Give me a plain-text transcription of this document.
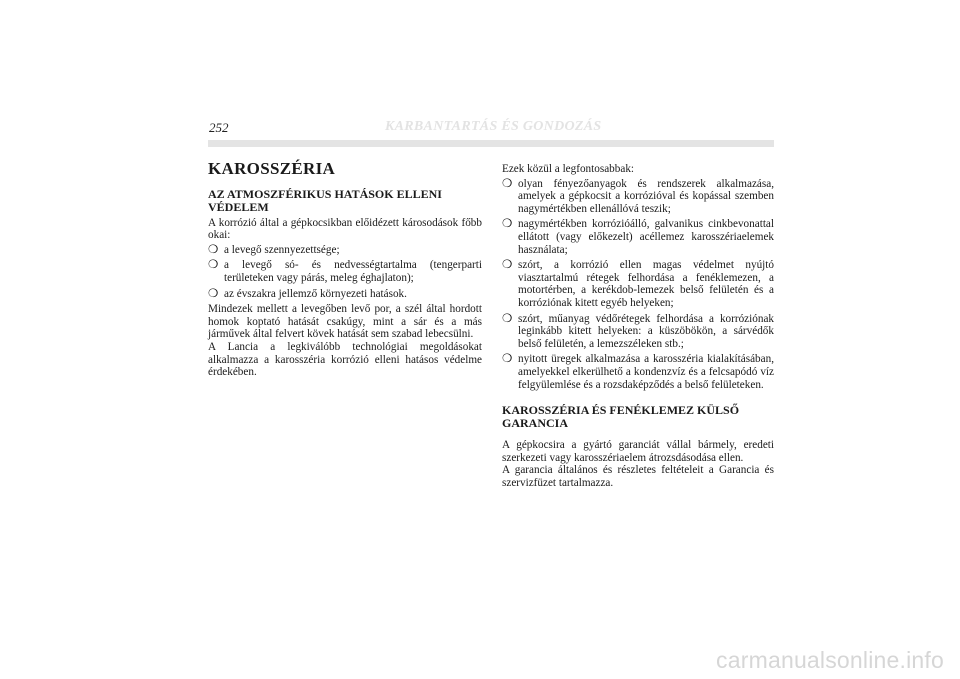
252	KARBANTARTÁS ÉS GONDOZÁS
KAROSSZÉRIA
AZ ATMOSZFÉRIKUS HATÁSOK ELLENI VÉDELEM

A korrózió által a gépkocsikban előidézett károsodások főbb okai:

❍ a levegő szennyezettsége;
❍ a levegő só- és nedvességtartalma (tengerparti területeken vagy párás, meleg éghajlaton);
❍ az évszakra jellemző környezeti hatások.

Mindezek mellett a levegőben levő por, a szél által hordott homok koptató hatását csakúgy, mint a sár és a más járművek által felvert kövek hatását sem szabad lebecsülni.

A Lancia a legkiválóbb technológiai megoldásokat alkalmazza a karosszéria korrózió elleni hatásos védelme érdekében.

Ezek közül a legfontosabbak:

❍ olyan fényezőanyagok és rendszerek alkalmazása, amelyek a gépkocsit a korrózióval és kopással szemben nagymértékben ellenállóvá teszik;
❍ nagymértékben korrózióálló, galvanikus cinkbevonattal ellátott (vagy előkezelt) acéllemez karosszériaelemek használata;
❍ szórt, a korrózió ellen magas védelmet nyújtó viasztartalmú rétegek felhordása a fenéklemezen, a motortérben, a kerékdob-lemezek belső felületén és a korróziónak kitett egyéb helyeken;
❍ szórt, műanyag védőrétegek felhordása a korróziónak leginkább kitett helyeken: a küszöbökön, a sárvédők belső felületén, a lemezszéleken stb.;
❍ nyitott üregek alkalmazása a karosszéria kialakításában, amelyekkel elkerülhető a kondenzvíz és a felcsapódó víz felgyülemlése és a rozsdaképződés a belső felületeken.
KAROSSZÉRIA ÉS FENÉKLEMEZ KÜLSŐ GARANCIA

A gépkocsira a gyártó garanciát vállal bármely, eredeti szerkezeti vagy karosszériaelem átrozsdásodása ellen.

A garancia általános és részletes feltételeit a Garancia és szervizfüzet tartalmazza.

carmanualsonline.info
